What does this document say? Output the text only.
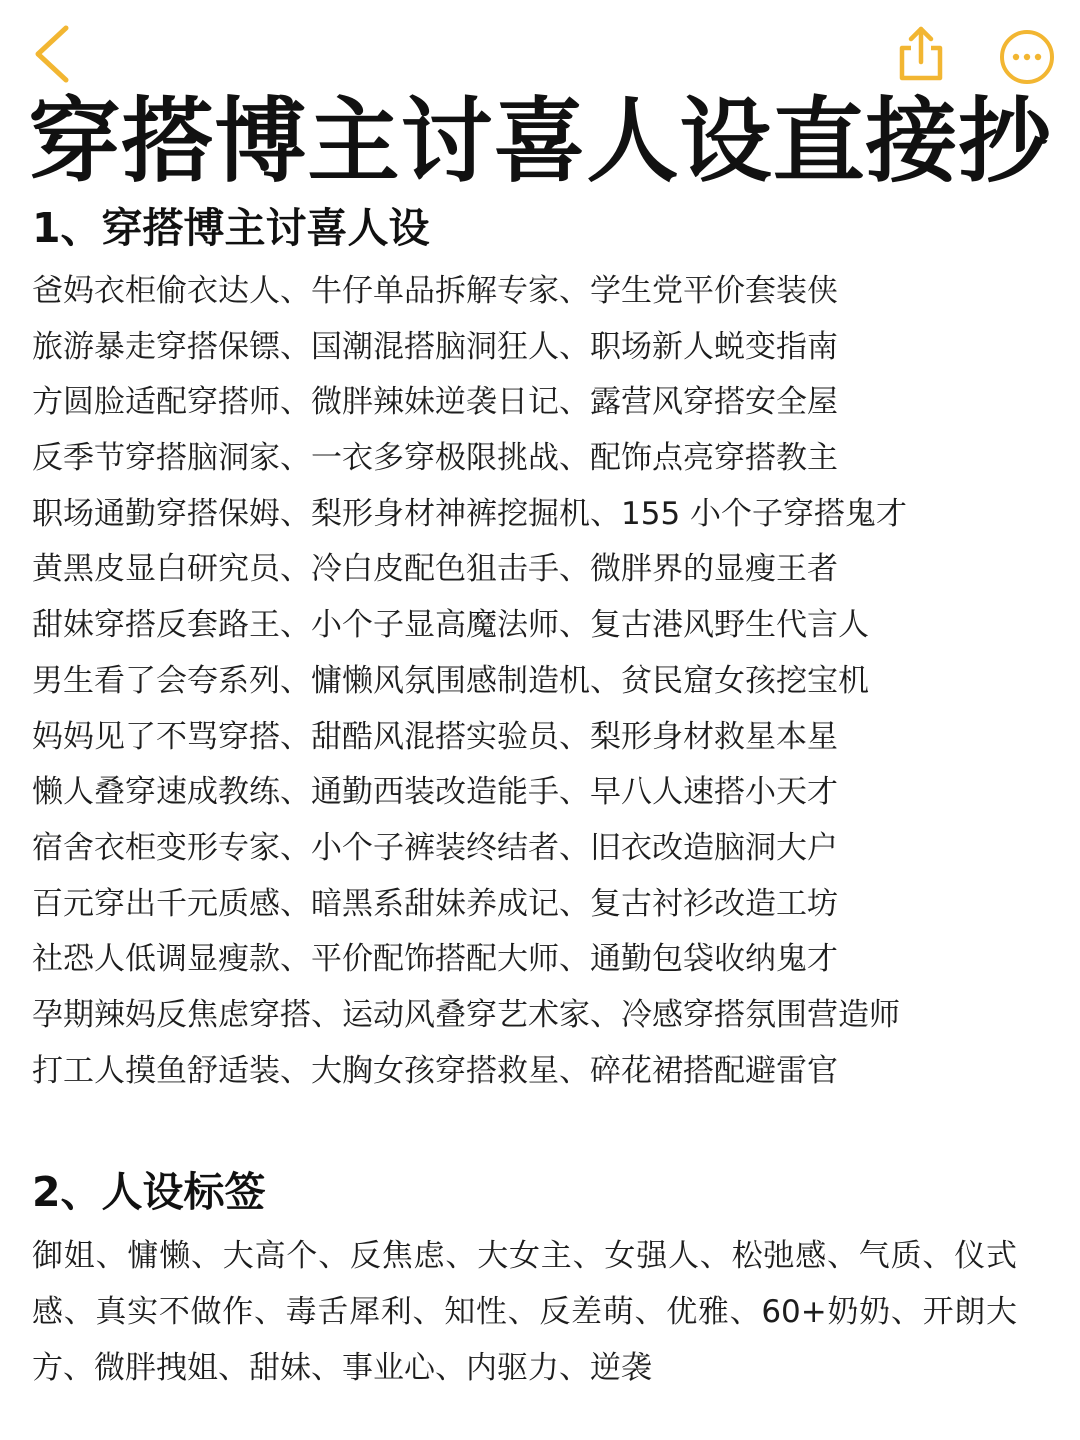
穿搭博主讨喜人设直接抄
1、穿搭博主讨喜人设
爸妈衣柜偷衣达人、牛仔单品拆解专家、学生党平价套装侠
旅游暴走穿搭保镖、国潮混搭脑洞狂人、职场新人蜕变指南
方圆脸适配穿搭师、微胖辣妹逆袭日记、露营风穿搭安全屋
反季节穿搭脑洞家、一衣多穿极限挑战、配饰点亮穿搭教主
职场通勤穿搭保姆、梨形身材神裤挖掘机、155 小个子穿搭鬼才
黄黑皮显白研究员、冷白皮配色狙击手、微胖界的显瘦王者
甜妹穿搭反套路王、小个子显高魔法师、复古港风野生代言人
男生看了会夸系列、慵懒风氛围感制造机、贫民窟女孩挖宝机
妈妈见了不骂穿搭、甜酷风混搭实验员、梨形身材救星本星
懒人叠穿速成教练、通勤西装改造能手、早八人速搭小天才
宿舍衣柜变形专家、小个子裤装终结者、旧衣改造脑洞大户
百元穿出千元质感、暗黑系甜妹养成记、复古衬衫改造工坊
社恐人低调显瘦款、平价配饰搭配大师、通勤包袋收纳鬼才
孕期辣妈反焦虑穿搭、运动风叠穿艺术家、冷感穿搭氛围营造师
打工人摸鱼舒适装、大胸女孩穿搭救星、碎花裙搭配避雷官
2、人设标签

御姐、慵懒、大高个、反焦虑、大女主、女强人、松弛感、气质、仪式感、真实不做作、毒舌犀利、知性、反差萌、优雅、60+奶奶、开朗大方、微胖拽姐、甜妹、事业心、内驱力、逆袭
